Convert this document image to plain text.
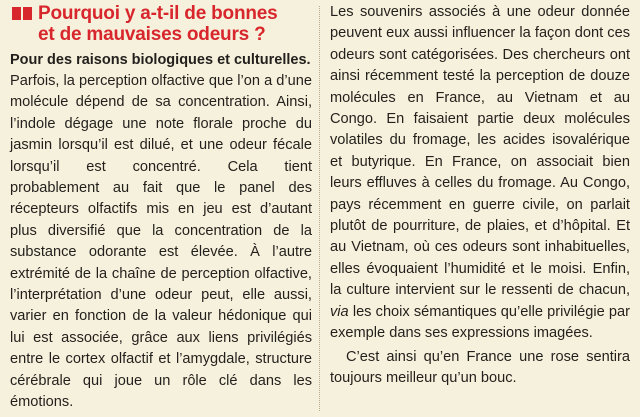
Pourquoi y a-t-il de bonnes
et de mauvaises odeurs ?
Pour des raisons biologiques et culturelles.

Parfois, la perception olfactive que l’on a d’une molécule dépend de sa concentration. Ainsi, l’indole dégage une note florale proche du jasmin lorsqu’il est dilué, et une odeur fécale lorsqu’il est concentré. Cela tient probablement au fait que le panel des récepteurs olfactifs mis en jeu est d’autant plus diversifié que la concentration de la substance odorante est élevée. À l’autre extrémité de la chaîne de perception olfactive, l’interprétation d’une odeur peut, elle aussi, varier en fonction de la valeur hédonique qui lui est associée, grâce aux liens privilégiés entre le cortex olfactif et l’amygdale, structure cérébrale qui joue un rôle clé dans les émotions.

Les souvenirs associés à une odeur donnée peuvent eux aussi influencer la façon dont ces odeurs sont catégorisées. Des chercheurs ont ainsi récemment testé la perception de douze molécules en France, au Vietnam et au Congo. En faisaient partie deux molécules volatiles du fromage, les acides isovalérique et butyrique. En France, on associait bien leurs effluves à celles du fromage. Au Congo, pays récemment en guerre civile, on parlait plutôt de pourriture, de plaies, et d’hôpital. Et au Vietnam, où ces odeurs sont inhabituelles, elles évoquaient l’humidité et le moisi. Enfin, la culture intervient sur le ressenti de chacun, via les choix sémantiques qu’elle privilégie par exemple dans ses expressions imagées.

C’est ainsi qu’en France une rose sentira toujours meilleur qu’un bouc.
